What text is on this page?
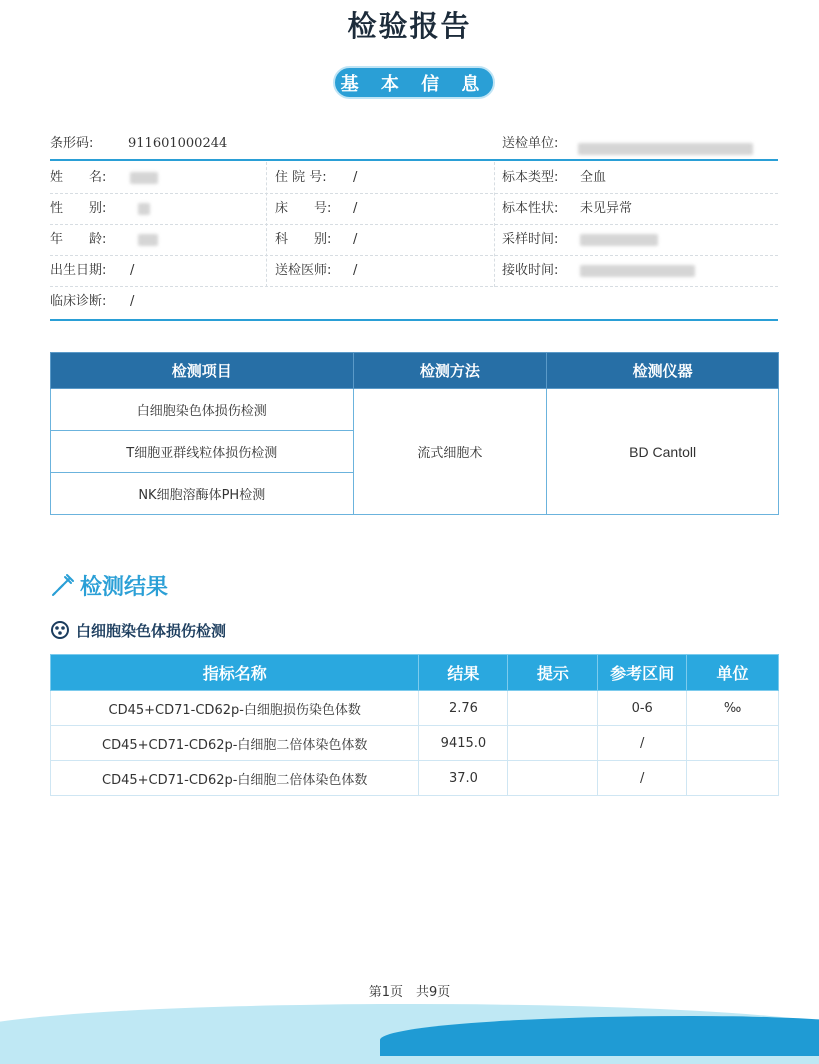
检验报告
基 本 信 息
条形码:	911601000244	送检单位:
姓　　名:	住 院 号: /	标本类型: 全血
性　　别:	床　　号: /	标本性状: 未见异常
年　　龄:	科　　别: /	采样时间:
出生日期: /	送检医师: /	接收时间:
临床诊断: /
检测项目	检测方法	检测仪器
白细胞染色体损伤检测	流式细胞术	BD Cantoll
T细胞亚群线粒体损伤检测		
NK细胞溶酶体PH检测		
检测结果
白细胞染色体损伤检测
指标名称	结果	提示	参考区间	单位
CD45+CD71-CD62p-白细胞损伤染色体数	2.76		0-6	‰
CD45+CD71-CD62p-白细胞二倍体染色体数	9415.0		/	
CD45+CD71-CD62p-白细胞二倍体染色体数	37.0		/	
第1页　共9页
